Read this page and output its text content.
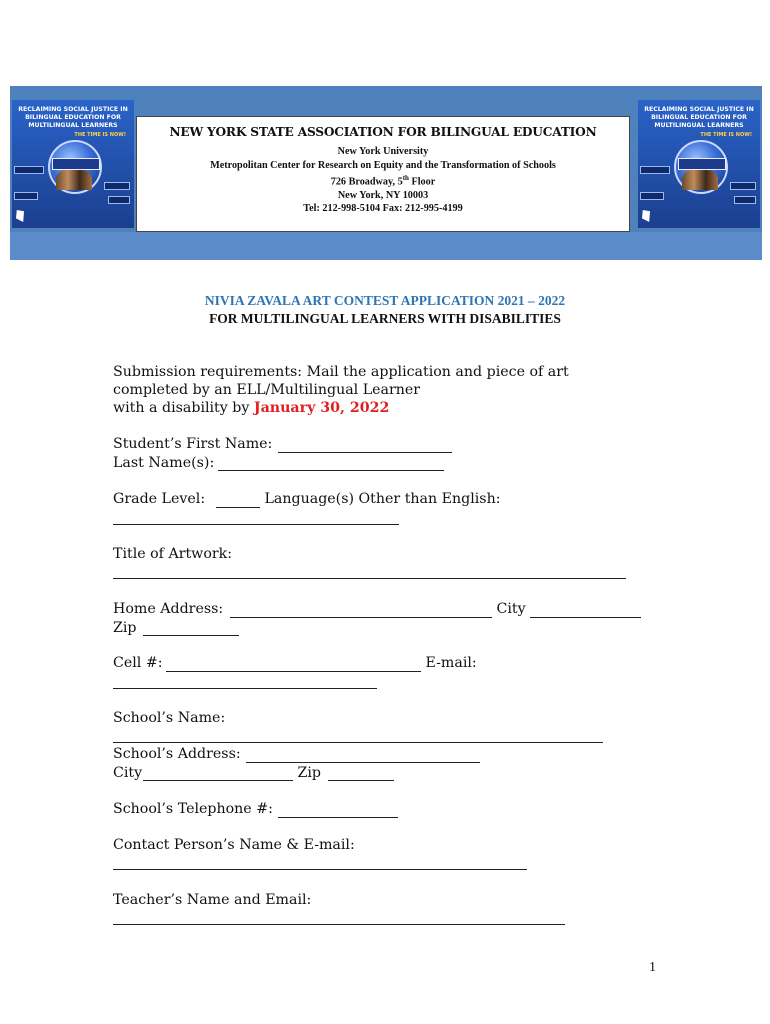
RECLAIMING SOCIAL JUSTICE IN BILINGUAL EDUCATION FOR MULTILINGUAL LEARNERS
THE TIME IS NOW!
RECLAIMING SOCIAL JUSTICE IN BILINGUAL EDUCATION FOR MULTILINGUAL LEARNERS
THE TIME IS NOW!
NEW YORK STATE ASSOCIATION FOR BILINGUAL EDUCATION
New York University
Metropolitan Center for Research on Equity and the Transformation of Schools
726 Broadway, 5th Floor
New York, NY 10003
Tel: 212-998-5104 Fax: 212-995-4199
NIVIA ZAVALA ART CONTEST APPLICATION 2021 – 2022
FOR MULTILINGUAL LEARNERS WITH DISABILITIES
Submission requirements: Mail the application and piece of art
completed by an ELL/Multilingual Learner
with a disability by January 30, 2022
Student’s First Name:
Last Name(s):
Grade Level:	Language(s) Other than English:
Title of Artwork:
Home Address:	City
Zip
Cell #:	E-mail:
School’s Name:
School’s Address:
City	Zip
School’s Telephone #:
Contact Person’s Name & E-mail:
Teacher’s Name and Email:
1
